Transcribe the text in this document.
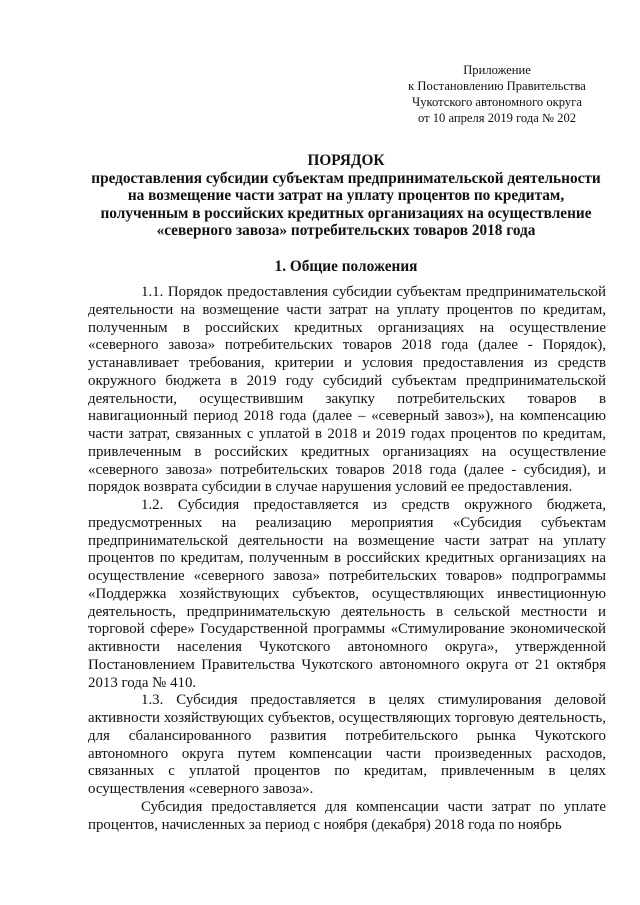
Приложение
к Постановлению Правительства
Чукотского автономного округа
от 10 апреля 2019 года № 202
ПОРЯДОК
предоставления субсидии субъектам предпринимательской деятельности
на возмещение части затрат на уплату процентов по кредитам,
полученным в российских кредитных организациях на осуществление
«северного завоза» потребительских товаров 2018 года
1. Общие положения

1.1. Порядок предоставления субсидии субъектам предпринимательской деятельности на возмещение части затрат на уплату процентов по кредитам, полученным в российских кредитных организациях на осуществление «северного завоза» потребительских товаров 2018 года (далее - Порядок), устанавливает требования, критерии и условия предоставления из средств окружного бюджета в 2019 году субсидий субъектам предпринимательской деятельности, осуществившим закупку потребительских товаров в навигационный период 2018 года (далее – «северный завоз»), на компенсацию части затрат, связанных с уплатой в 2018 и 2019 годах процентов по кредитам, привлеченным в российских кредитных организациях на осуществление «северного завоза» потребительских товаров 2018 года (далее - субсидия), и порядок возврата субсидии в случае нарушения условий ее предоставления.

1.2. Субсидия предоставляется из средств окружного бюджета, предусмотренных на реализацию мероприятия «Субсидия субъектам предпринимательской деятельности на возмещение части затрат на уплату процентов по кредитам, полученным в российских кредитных организациях на осуществление «северного завоза» потребительских товаров» подпрограммы «Поддержка хозяйствующих субъектов, осуществляющих инвестиционную деятельность, предпринимательскую деятельность в сельской местности и торговой сфере» Государственной программы «Стимулирование экономической активности населения Чукотского автономного округа», утвержденной Постановлением Правительства Чукотского автономного округа от 21 октября 2013 года № 410.

1.3. Субсидия предоставляется в целях стимулирования деловой активности хозяйствующих субъектов, осуществляющих торговую деятельность, для сбалансированного развития потребительского рынка Чукотского автономного округа путем компенсации части произведенных расходов, связанных с уплатой процентов по кредитам, привлеченным в целях осуществления «северного завоза».

Субсидия предоставляется для компенсации части затрат по уплате процентов, начисленных за период с ноября (декабря) 2018 года по ноябрь
